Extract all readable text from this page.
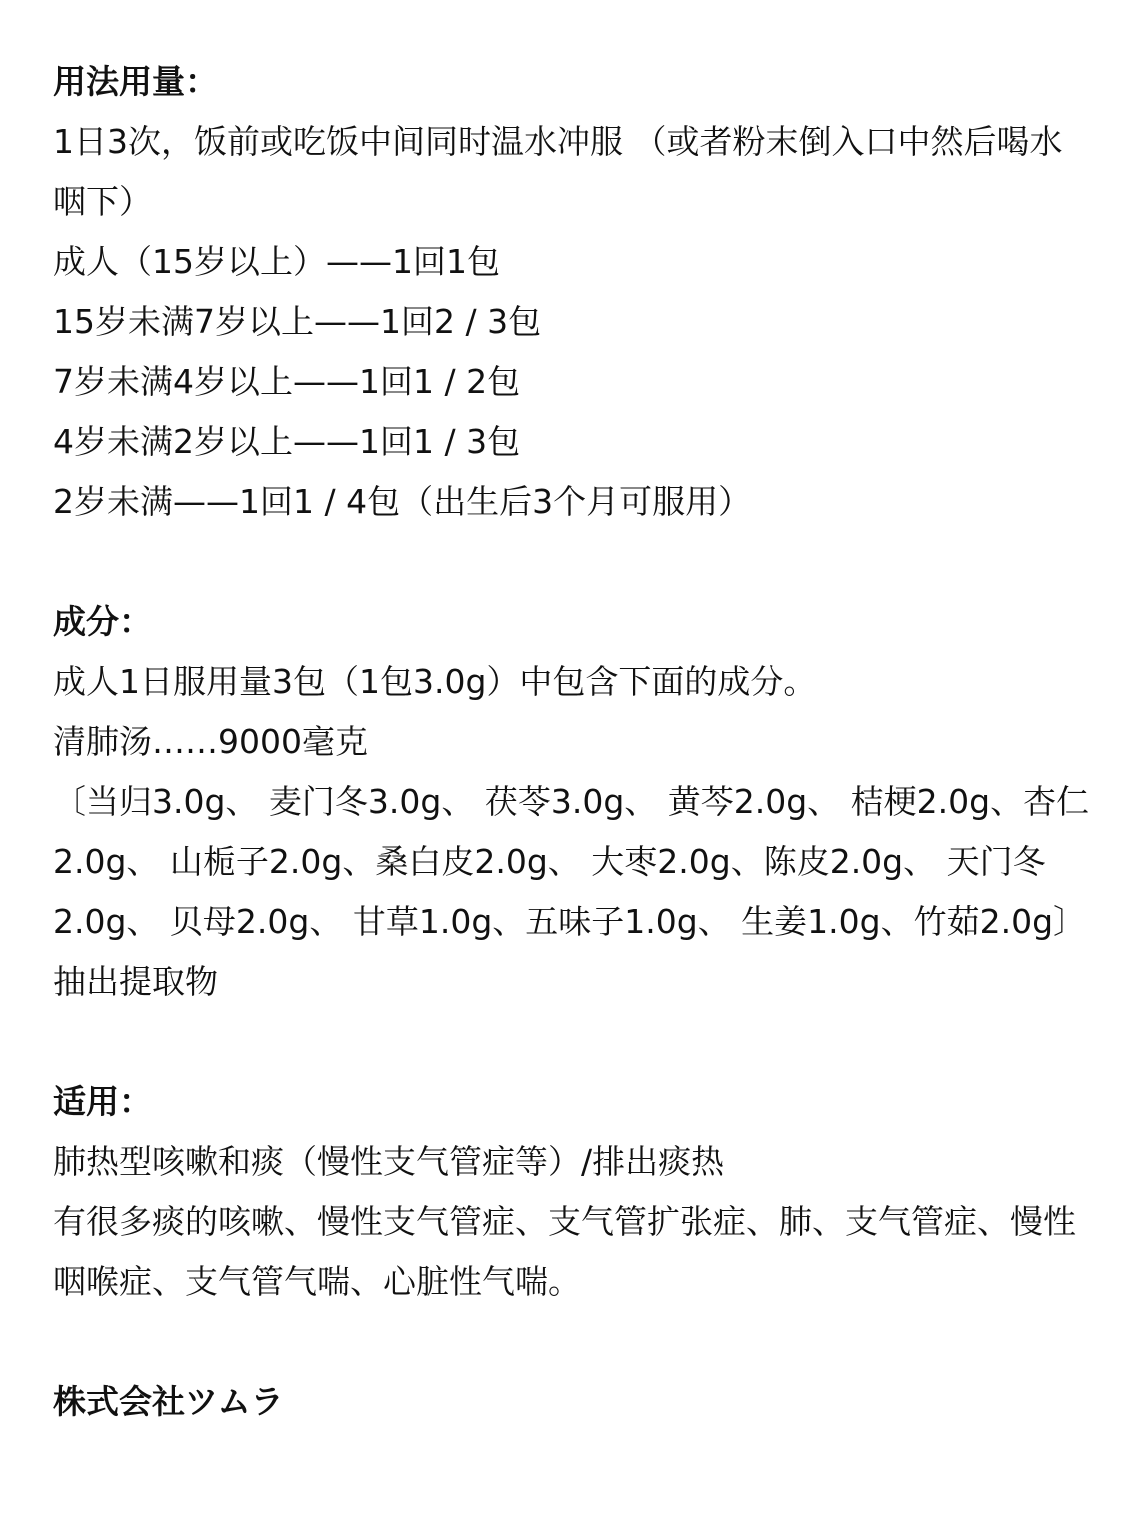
用法用量：

1日3次，饭前或吃饭中间同时温水冲服 （或者粉末倒入口中然后喝水咽下）

成人（15岁以上）——1回1包

15岁未满7岁以上——1回2 / 3包

7岁未满4岁以上——1回1 / 2包

4岁未满2岁以上——1回1 / 3包

2岁未满——1回1 / 4包（出生后3个月可服用）

成分：

成人1日服用量3包（1包3.0g）中包含下面的成分。

清肺汤……9000毫克

〔当归3.0g、 麦门冬3.0g、 茯苓3.0g、 黄芩2.0g、 桔梗2.0g、杏仁2.0g、 山栀子2.0g、桑白皮2.0g、 大枣2.0g、陈皮2.0g、 天门冬2.0g、 贝母2.0g、 甘草1.0g、五味子1.0g、 生姜1.0g、竹茹2.0g〕抽出提取物

适用：

肺热型咳嗽和痰（慢性支气管症等）/排出痰热

有很多痰的咳嗽、慢性支气管症、支气管扩张症、肺、支气管症、慢性咽喉症、支气管气喘、心脏性气喘。

株式会社ツムラ
